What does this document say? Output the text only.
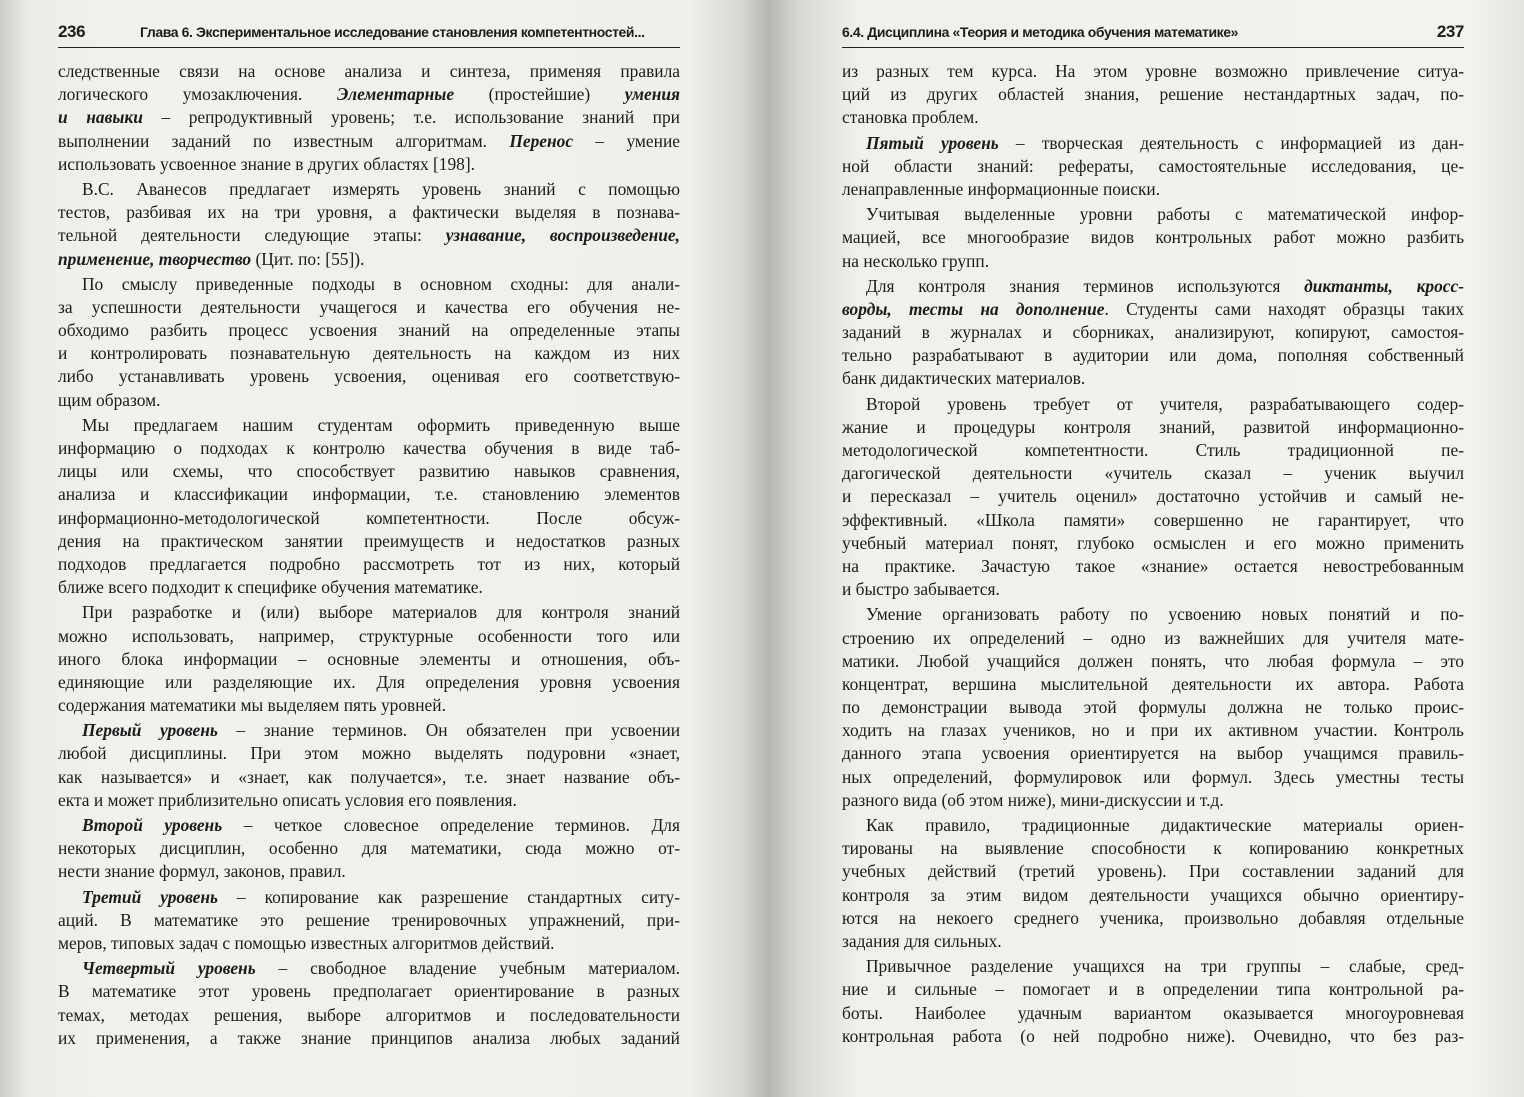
236	Глава 6. Экспериментальное исследование становления компетентностей...
следственные связи на основе анализа и синтеза, применяя правила
логического умозаключения. Элементарные (простейшие) умения
и навыки – репродуктивный уровень; т.е. использование знаний при
выполнении заданий по известным алгоритмам. Перенос – умение
использовать усвоенное знание в других областях [198].
В.С. Аванесов предлагает измерять уровень знаний с помощью
тестов, разбивая их на три уровня, а фактически выделяя в познава-
тельной деятельности следующие этапы: узнавание, воспроизведение,
применение, творчество (Цит. по: [55]).
По смыслу приведенные подходы в основном сходны: для анали-
за успешности деятельности учащегося и качества его обучения не-
обходимо разбить процесс усвоения знаний на определенные этапы
и контролировать познавательную деятельность на каждом из них
либо устанавливать уровень усвоения, оценивая его соответствую-
щим образом.
Мы предлагаем нашим студентам оформить приведенную выше
информацию о подходах к контролю качества обучения в виде таб-
лицы или схемы, что способствует развитию навыков сравнения,
анализа и классификации информации, т.е. становлению элементов
информационно-методологической компетентности. После обсуж-
дения на практическом занятии преимуществ и недостатков разных
подходов предлагается подробно рассмотреть тот из них, который
ближе всего подходит к специфике обучения математике.
При разработке и (или) выборе материалов для контроля знаний
можно использовать, например, структурные особенности того или
иного блока информации – основные элементы и отношения, объ-
единяющие или разделяющие их. Для определения уровня усвоения
содержания математики мы выделяем пять уровней.
Первый уровень – знание терминов. Он обязателен при усвоении
любой дисциплины. При этом можно выделять подуровни «знает,
как называется» и «знает, как получается», т.е. знает название объ-
екта и может приблизительно описать условия его появления.
Второй уровень – четкое словесное определение терминов. Для
некоторых дисциплин, особенно для математики, сюда можно от-
нести знание формул, законов, правил.
Третий уровень – копирование как разрешение стандартных ситу-
аций. В математике это решение тренировочных упражнений, при-
меров, типовых задач с помощью известных алгоритмов действий.
Четвертый уровень – свободное владение учебным материалом.
В математике этот уровень предполагает ориентирование в разных
темах, методах решения, выборе алгоритмов и последовательности
их применения, а также знание принципов анализа любых заданий
6.4. Дисциплина «Теория и методика обучения математике»	237
из разных тем курса. На этом уровне возможно привлечение ситуа-
ций из других областей знания, решение нестандартных задач, по-
становка проблем.
Пятый уровень – творческая деятельность с информацией из дан-
ной области знаний: рефераты, самостоятельные исследования, це-
ленаправленные информационные поиски.
Учитывая выделенные уровни работы с математической инфор-
мацией, все многообразие видов контрольных работ можно разбить
на несколько групп.
Для контроля знания терминов используются диктанты, кросс-
ворды, тесты на дополнение. Студенты сами находят образцы таких
заданий в журналах и сборниках, анализируют, копируют, самостоя-
тельно разрабатывают в аудитории или дома, пополняя собственный
банк дидактических материалов.
Второй уровень требует от учителя, разрабатывающего содер-
жание и процедуры контроля знаний, развитой информационно-
методологической компетентности. Стиль традиционной пе-
дагогической деятельности «учитель сказал – ученик выучил
и пересказал – учитель оценил» достаточно устойчив и самый не-
эффективный. «Школа памяти» совершенно не гарантирует, что
учебный материал понят, глубоко осмыслен и его можно применить
на практике. Зачастую такое «знание» остается невостребованным
и быстро забывается.
Умение организовать работу по усвоению новых понятий и по-
строению их определений – одно из важнейших для учителя мате-
матики. Любой учащийся должен понять, что любая формула – это
концентрат, вершина мыслительной деятельности их автора. Работа
по демонстрации вывода этой формулы должна не только проис-
ходить на глазах учеников, но и при их активном участии. Контроль
данного этапа усвоения ориентируется на выбор учащимся правиль-
ных определений, формулировок или формул. Здесь уместны тесты
разного вида (об этом ниже), мини-дискуссии и т.д.
Как правило, традиционные дидактические материалы ориен-
тированы на выявление способности к копированию конкретных
учебных действий (третий уровень). При составлении заданий для
контроля за этим видом деятельности учащихся обычно ориентиру-
ются на некоего среднего ученика, произвольно добавляя отдельные
задания для сильных.
Привычное разделение учащихся на три группы – слабые, сред-
ние и сильные – помогает и в определении типа контрольной ра-
боты. Наиболее удачным вариантом оказывается многоуровневая
контрольная работа (о ней подробно ниже). Очевидно, что без раз-
